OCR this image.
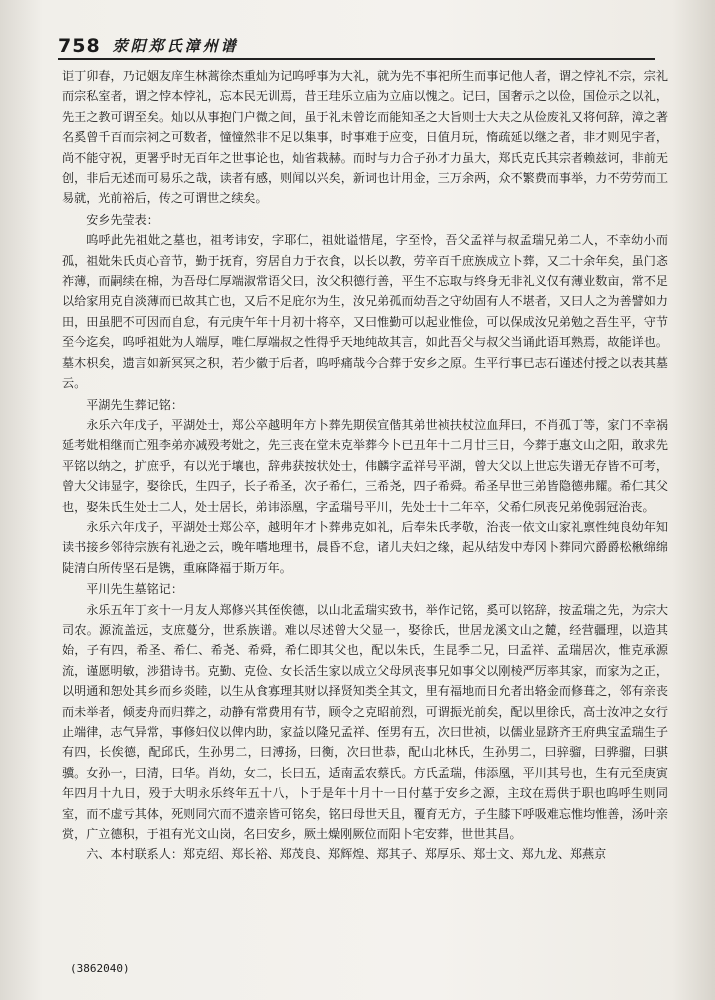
758 荥阳郑氏漳州谱

讵丁卯春，乃记姻友庠生林蒿徐杰重灿为记呜呼事为大礼，就为先不事祀所生而事记他人者，谓之悖礼不宗，宗礼而宗私室者，谓之悖本悖礼，忘本民无训焉，昔王珪乐立庙为立庙以愧之。记曰，国奢示之以俭，国俭示之以礼，先王之教可谓至矣。灿以从事抱门户微之间，虽于礼未曾讫而能知圣之大旨则士大夫之从俭废礼又将何辞，漳之著名奚曾千百而宗祠之可数者，憧憧然非不足以集事，时事难于应变，日值月玩，惰疏延以继之者，非才则见宇者，尚不能守祝，更署乎时无百年之世事论也，灿省栽赫。而时与力合子孙才力虽大，郑氏克氏其宗者赖兹诃，非前无创，非后无述而可易乐之哉，读者有感，则闻以兴矣，新词也计用金，三万余两，众不繁费而事举，力不劳劳而工易就，光前裕后，传之可谓世之续矣。

安乡先莹表：

呜呼此先祖妣之墓也，祖考讳安，字耶仁，祖妣谥惜尾，字至怜，吾父孟祥与叔孟瑞兄弟二人，不幸幼小而孤，祖妣朱氏贞心音节，勤于抚育，穷居自力于衣食，以长以教，劳辛百千庶族成立卜葬，又二十余年矣，虽门忞祚薄，而嗣续在棉，为吾母仁厚端淑常语父曰，汝父积德行善，平生不忘取与终身无非礼义仅有薄业数亩，常不足以给家用克自淡薄而已故其亡也，又后不足庇尔为生，汝兄弟孤而幼吾之守幼固有人不堪者，又曰人之为善譬如力田，田虽肥不可因而自怠，有元庚午年十月初十将卒，又曰惟勤可以起业惟俭，可以保成汝兄弟勉之吾生平，守节至今迄矣，呜呼祖妣为人端厚，唯仁厚端叔之性得乎天地纯故其言，如此吾父与叔父当诵此语耳熟焉，故能详也。墓木枳矣，遗言如新冥冥之积，若少徽于后者，呜呼痛哉今合葬于安乡之原。生平行事已志石谨述付授之以表其墓云。

平湖先生葬记铭：

永乐六年戊子，平湖处士，郑公卒越明年方卜葬先期侯宣偕其弟世祯扶杖泣血拜曰，不肖孤丁等，家门不幸祸延考妣相继而亡殂李弟亦减殁考妣之，先三丧在堂未克举葬今卜已丑年十二月廿三日，今葬于惠文山之阳，敢求先平铭以纳之，扩庶乎，有以光于壤也，辞弗获按状处士，伟麟字孟祥号平湖，曾大父以上世忘失谱无存皆不可考，曾大父讳显字，娶徐氏，生四子，长子希圣，次子希仁，三希尧，四子希舜。希圣早世三弟皆隐德弗耀。希仁其父也，娶朱氏生处士二人，处士居长，弟讳添凰，字孟瑞号平川，先处士十二年卒，父希仁夙丧兄弟俛弱冠治丧。

永乐六年戊子，平湖处士郑公卒，越明年才卜葬弗克如礼，后奉朱氏孝敬，治丧一依文山家礼禀性纯良幼年知读书接乡邻待宗族有礼逊之云，晚年嗜地理书，晨昏不怠，诸儿夫妇之缘，起从结发中寿冈卜葬同穴爵爵松楸绵绵陡清白所传坚石是镌，重麻降福于斯万年。

平川先生墓铭记：

永乐五年丁亥十一月友人郑修兴其侄俟德，以山北孟瑞实致书，举作记铭，奚可以铭辞，按孟瑞之先，为宗大司农。源流盖远，支庶蔓分，世系族谱。难以尽述曾大父显一，娶徐氏，世居龙溪文山之麓，经营疆理，以造其始，子有四，希圣、希仁、希尧、希舜，希仁即其父也，配以朱氏，生昆季二兄，曰孟祥、孟瑞居次，惟克承源流，谨愿明敏，涉猎诗书。克勤、克俭、女长活生家以成立父母夙丧事兄如事父以刚棱严厉率其家，而家为之正，以明通和恕处其乡而乡炎睦，以生从食寡理其财以择贤知类全其文，里有福地而日允者出辂金而修葺之，邻有亲丧而未举者，倾麦舟而归葬之，动静有常费用有节，顾令之克昭前烈，可谓振光前矣，配以里徐氏，高士汝冲之女行止端律，志气异常，事修妇仪以俾内助，家益以隆兄孟祥、侄男有五，次曰世祯，以儒业显跻齐王府典宝孟瑞生子有四，长俟德，配邱氏，生孙男二，曰溥扬，曰衡，次曰世恭，配山北林氏，生孙男二，曰骍骝，曰骅骝，曰骐骥。女孙一，曰清，曰华。肖幼，女二，长曰五，适南孟农蔡氏。方氏孟瑞，伟添凰，平川其号也，生有元至庚寅年四月十九日，殁于大明永乐终年五十八，卜于是年十月十一日付墓于安乡之源，主玟在焉供于职也呜呼生则同室，而不虚亏其体，死则同穴而不遗亲皆可铭矣，铭曰母世天且，覆育无方，子生膝下呼吸难忘惟均惟善，汤叶亲赏，广立德积，于祖有光文山岗，名曰安乡，厥土燥刚厥位而阳卜宅安葬，世世其昌。

六、本村联系人：郑克绍、郑长裕、郑茂良、郑辉煌、郑其子、郑厚乐、郑士文、郑九龙、郑燕京

(3862040)
